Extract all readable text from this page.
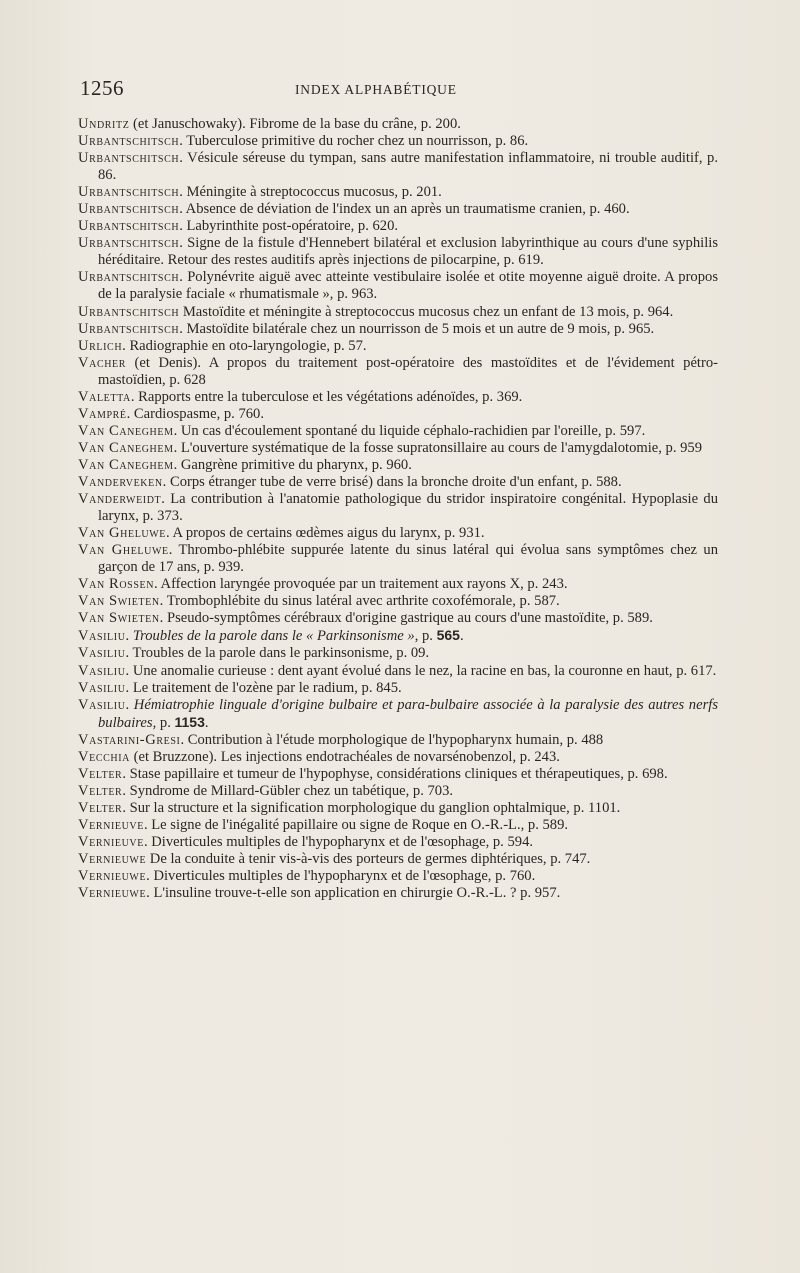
1256	INDEX ALPHABÉTIQUE

Undritz (et Januschowaky). Fibrome de la base du crâne, p. 200.

Urbantschitsch. Tuberculose primitive du rocher chez un nourrisson, p. 86.

Urbantschitsch. Vésicule séreuse du tympan, sans autre manifestation inflammatoire, ni trouble auditif, p. 86.

Urbantschitsch. Méningite à streptococcus mucosus, p. 201.

Urbantschitsch. Absence de déviation de l'index un an après un traumatisme cranien, p. 460.

Urbantschitsch. Labyrinthite post-opératoire, p. 620.

Urbantschitsch. Signe de la fistule d'Hennebert bilatéral et exclusion labyrinthique au cours d'une syphilis héréditaire. Retour des restes auditifs après injections de pilocarpine, p. 619.

Urbantschitsch. Polynévrite aiguë avec atteinte vestibulaire isolée et otite moyenne aiguë droite. A propos de la paralysie faciale « rhumatismale », p. 963.

Urbantschitsch Mastoïdite et méningite à streptococcus mucosus chez un enfant de 13 mois, p. 964.

Urbantschitsch. Mastoïdite bilatérale chez un nourrisson de 5 mois et un autre de 9 mois, p. 965.

Urlich. Radiographie en oto-laryngologie, p. 57.

Vacher (et Denis). A propos du traitement post-opératoire des mastoïdites et de l'évidement pétro-mastoïdien, p. 628

Valetta. Rapports entre la tuberculose et les végétations adénoïdes, p. 369.

Vampré. Cardiospasme, p. 760.

Van Caneghem. Un cas d'écoulement spontané du liquide céphalo-rachidien par l'oreille, p. 597.

Van Caneghem. L'ouverture systématique de la fosse supratonsillaire au cours de l'amygdalotomie, p. 959

Van Caneghem. Gangrène primitive du pharynx, p. 960.

Vanderveken. Corps étranger tube de verre brisé) dans la bronche droite d'un enfant, p. 588.

Vanderweidt. La contribution à l'anatomie pathologique du stridor inspiratoire congénital. Hypoplasie du larynx, p. 373.

Van Gheluwe. A propos de certains œdèmes aigus du larynx, p. 931.

Van Gheluwe. Thrombo-phlébite suppurée latente du sinus latéral qui évolua sans symptômes chez un garçon de 17 ans, p. 939.

Van Rossen. Affection laryngée provoquée par un traitement aux rayons X, p. 243.

Van Swieten. Trombophlébite du sinus latéral avec arthrite coxofémorale, p. 587.

Van Swieten. Pseudo-symptômes cérébraux d'origine gastrique au cours d'une mastoïdite, p. 589.

Vasiliu. Troubles de la parole dans le « Parkinsonisme », p. 565.

Vasiliu. Troubles de la parole dans le parkinsonisme, p. 09.

Vasiliu. Une anomalie curieuse : dent ayant évolué dans le nez, la racine en bas, la couronne en haut, p. 617.

Vasiliu. Le traitement de l'ozène par le radium, p. 845.

Vasiliu. Hémiatrophie linguale d'origine bulbaire et para-bulbaire associée à la paralysie des autres nerfs bulbaires, p. 1153.

Vastarini-Gresi. Contribution à l'étude morphologique de l'hypopharynx humain, p. 488

Vecchia (et Bruzzone). Les injections endotrachéales de novarsénobenzol, p. 243.

Velter. Stase papillaire et tumeur de l'hypophyse, considérations cliniques et thérapeutiques, p. 698.

Velter. Syndrome de Millard-Gübler chez un tabétique, p. 703.

Velter. Sur la structure et la signification morphologique du ganglion ophtalmique, p. 1101.

Vernieuve. Le signe de l'inégalité papillaire ou signe de Roque en O.-R.-L., p. 589.

Vernieuve. Diverticules multiples de l'hypopharynx et de l'œsophage, p. 594.

Vernieuwe De la conduite à tenir vis-à-vis des porteurs de germes diphtériques, p. 747.

Vernieuwe. Diverticules multiples de l'hypopharynx et de l'œsophage, p. 760.

Vernieuwe. L'insuline trouve-t-elle son application en chirurgie O.-R.-L. ? p. 957.
